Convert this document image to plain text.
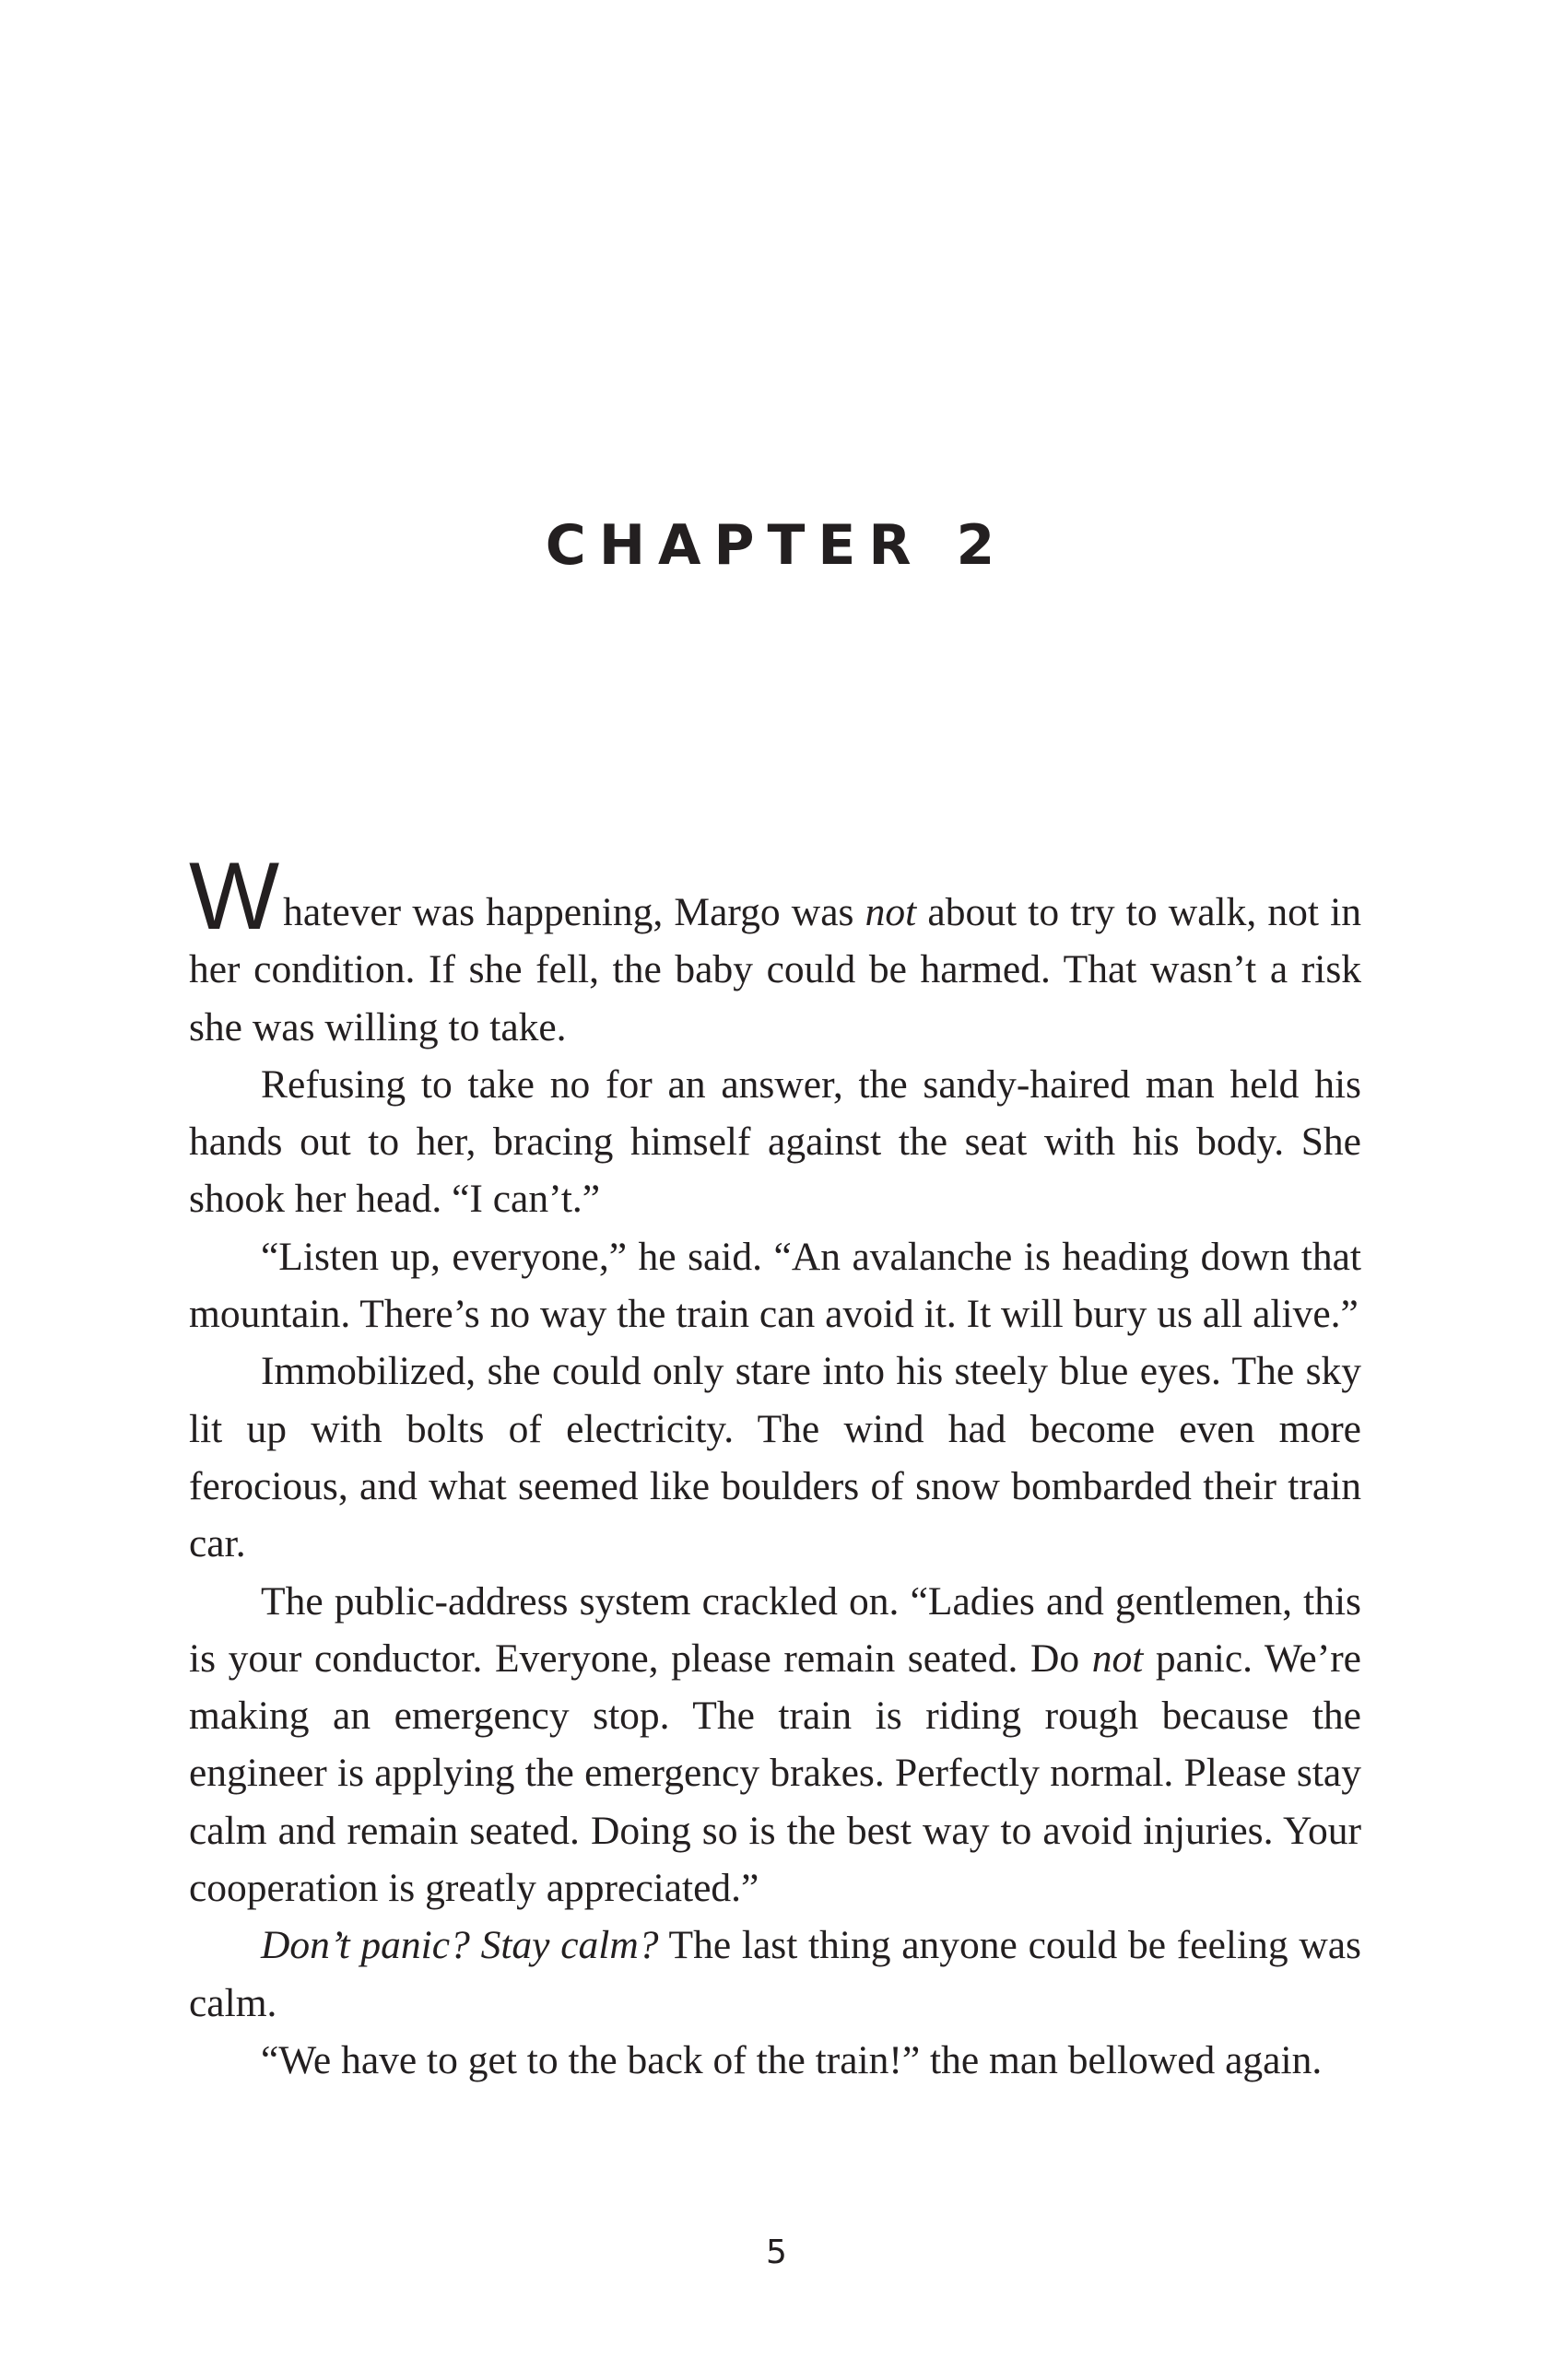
CHAPTER 2

Whatever was happening, Margo was not about to try to walk, not in her condition. If she fell, the baby could be harmed. That wasn’t a risk she was willing to take.

Refusing to take no for an answer, the sandy-haired man held his hands out to her, bracing himself against the seat with his body. She shook her head. “I can’t.”

“Listen up, everyone,” he said. “An avalanche is heading down that mountain. There’s no way the train can avoid it. It will bury us all alive.”

Immobilized, she could only stare into his steely blue eyes. The sky lit up with bolts of electricity. The wind had become even more ferocious, and what seemed like boulders of snow bombarded their train car.

The public-address system crackled on. “Ladies and gentlemen, this is your conductor. Everyone, please remain seated. Do not panic. We’re making an emergency stop. The train is riding rough because the engineer is applying the emergency brakes. Perfectly normal. Please stay calm and remain seated. Doing so is the best way to avoid injuries. Your cooperation is greatly appreciated.”

Don’t panic? Stay calm? The last thing anyone could be feeling was calm.

“We have to get to the back of the train!” the man bellowed again.

5
